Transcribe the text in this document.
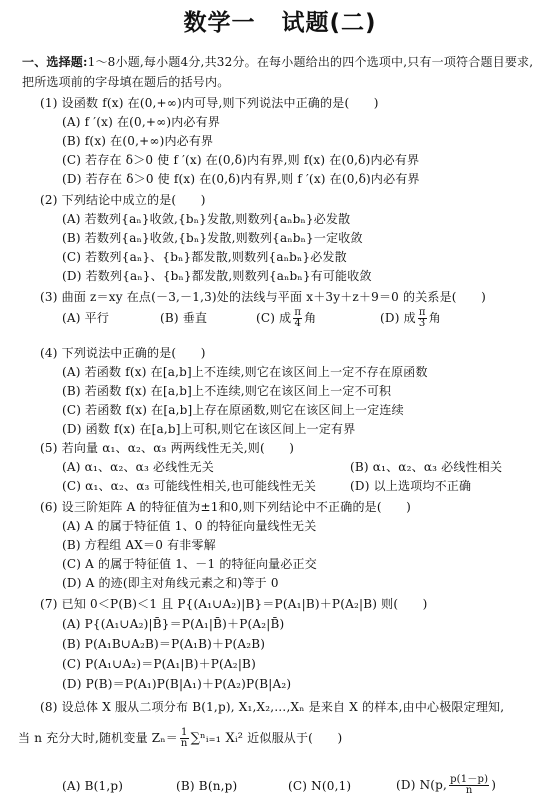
数学一 试题(二)
一、选择题:1～8小题,每小题4分,共32分。在每小题给出的四个选项中,只有一项符合题目要求,把所选项前的字母填在题后的括号内。
(1) 设函数 f(x) 在(0,+∞)内可导,则下列说法中正确的是(　　)
(A) f ′(x) 在(0,+∞)内必有界
(B) f(x) 在(0,+∞)内必有界
(C) 若存在 δ＞0 使 f ′(x) 在(0,δ)内有界,则 f(x) 在(0,δ)内必有界
(D) 若存在 δ＞0 使 f(x) 在(0,δ)内有界,则 f ′(x) 在(0,δ)内必有界
(2) 下列结论中成立的是(　　)
(A) 若数列{aₙ}收敛,{bₙ}发散,则数列{aₙbₙ}必发散
(B) 若数列{aₙ}收敛,{bₙ}发散,则数列{aₙbₙ}一定收敛
(C) 若数列{aₙ}、{bₙ}都发散,则数列{aₙbₙ}必发散
(D) 若数列{aₙ}、{bₙ}都发散,则数列{aₙbₙ}有可能收敛
(3) 曲面 z＝xy 在点(－3,－1,3)处的法线与平面 x＋3y＋z＋9＝0 的关系是(　　)
(A) 平行	(B) 垂直	(C) 成 $\frac{\pi}{4}$ 角	(D) 成 $\frac{\pi}{3}$ 角
(4) 下列说法中正确的是(　　)
(A) 若函数 f(x) 在[a,b]上不连续,则它在该区间上一定不存在原函数
(B) 若函数 f(x) 在[a,b]上不连续,则它在该区间上一定不可积
(C) 若函数 f(x) 在[a,b]上存在原函数,则它在该区间上一定连续
(D) 函数 f(x) 在[a,b]上可积,则它在该区间上一定有界
(5) 若向量 α₁、α₂、α₃ 两两线性无关,则(　　)
(A) α₁、α₂、α₃ 必线性无关	(B) α₁、α₂、α₃ 必线性相关
(C) α₁、α₂、α₃ 可能线性相关,也可能线性无关	(D) 以上选项均不正确
(6) 设三阶矩阵 A 的特征值为±1和0,则下列结论中不正确的是(　　)
(A) A 的属于特征值 1、0 的特征向量线性无关
(B) 方程组 AX＝0 有非零解
(C) A 的属于特征值 1、－1 的特征向量必正交
(D) A 的迹(即主对角线元素之和)等于 0
(7) 已知 0＜P(B)＜1 且 P{(A₁∪A₂)|B}＝P(A₁|B)＋P(A₂|B) 则(　　)
(A) P{(A₁∪A₂)|B̄}＝P(A₁|B̄)＋P(A₂|B̄)
(B) P(A₁B∪A₂B)＝P(A₁B)＋P(A₂B)
(C) P(A₁∪A₂)＝P(A₁|B)＋P(A₂|B)
(D) P(B)＝P(A₁)P(B|A₁)＋P(A₂)P(B|A₂)
(8) 设总体 X 服从二项分布 B(1,p), X₁,X₂,…,Xₙ 是来自 X 的样本,由中心极限定理知,
当 n 充分大时,随机变量 $Z_n= \frac{1}{n}$ ∑ⁿᵢ₌₁ Xᵢ² 近似服从于(　　)
(A) B(1,p)	(B) B(n,p)	(C) N(0,1)	(D) N(p, $\frac{p(1-p)}{n}$ )
